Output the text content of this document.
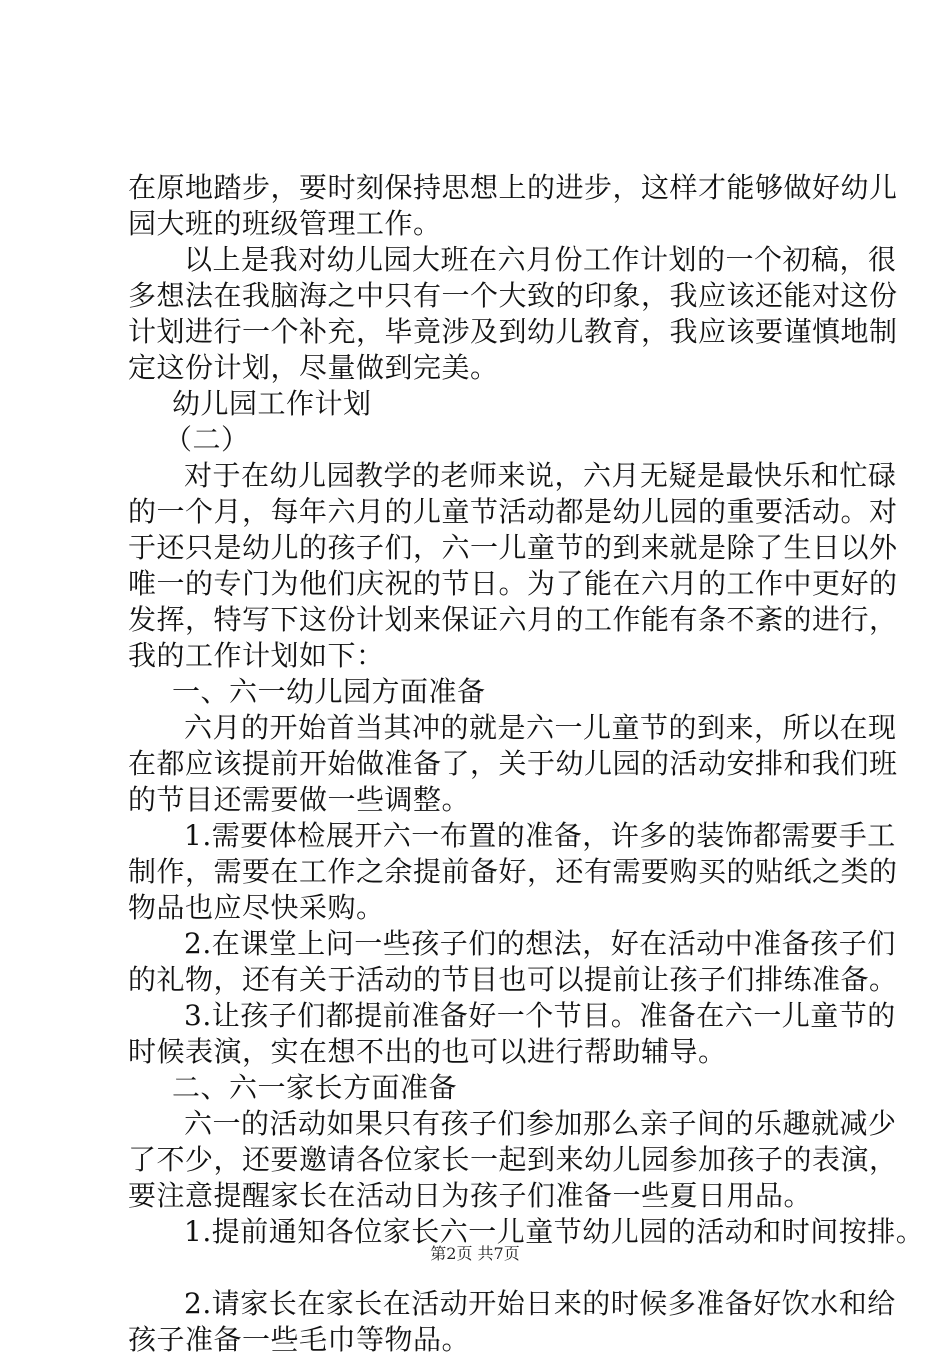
在原地踏步，要时刻保持思想上的进步，这样才能够做好幼儿
园大班的班级管理工作。
以上是我对幼儿园大班在六月份工作计划的一个初稿，很
多想法在我脑海之中只有一个大致的印象，我应该还能对这份
计划进行一个补充，毕竟涉及到幼儿教育，我应该要谨慎地制
定这份计划，尽量做到完美。
幼儿园工作计划
（二）
对于在幼儿园教学的老师来说，六月无疑是最快乐和忙碌
的一个月，每年六月的儿童节活动都是幼儿园的重要活动。对
于还只是幼儿的孩子们，六一儿童节的到来就是除了生日以外
唯一的专门为他们庆祝的节日。为了能在六月的工作中更好的
发挥，特写下这份计划来保证六月的工作能有条不紊的进行，
我的工作计划如下：
一、六一幼儿园方面准备
六月的开始首当其冲的就是六一儿童节的到来，所以在现
在都应该提前开始做准备了，关于幼儿园的活动安排和我们班
的节目还需要做一些调整。
1.需要体检展开六一布置的准备，许多的装饰都需要手工
制作，需要在工作之余提前备好，还有需要购买的贴纸之类的
物品也应尽快采购。
2.在课堂上问一些孩子们的想法，好在活动中准备孩子们
的礼物，还有关于活动的节目也可以提前让孩子们排练准备。
3.让孩子们都提前准备好一个节目。准备在六一儿童节的
时候表演，实在想不出的也可以进行帮助辅导。
二、六一家长方面准备
六一的活动如果只有孩子们参加那么亲子间的乐趣就减少
了不少，还要邀请各位家长一起到来幼儿园参加孩子的表演，
要注意提醒家长在活动日为孩子们准备一些夏日用品。
1.提前通知各位家长六一儿童节幼儿园的活动和时间按排。
2.请家长在家长在活动开始日来的时候多准备好饮水和给
孩子准备一些毛巾等物品。
第2页 共7页
